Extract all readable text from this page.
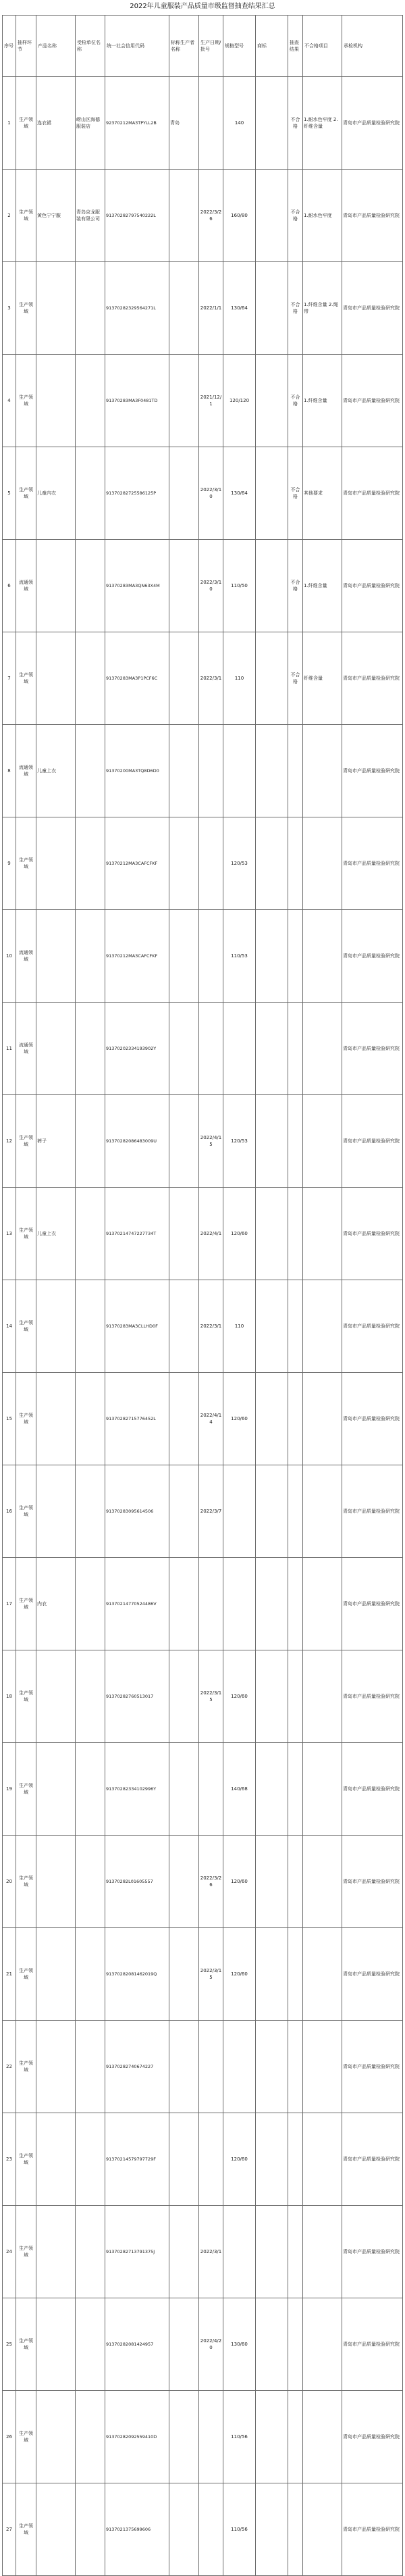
2022年儿童服装产品质量市级监督抽查结果汇总
序号	抽样环节	产品名称	受检单位名称	统一社会信用代码	标称生产者名称	生产日期/批号	规格型号	商标	抽查结果	不合格项目	承检机构
1	生产领域	连衣裙	崂山区海德服装店	92370212MA3TPYLL2B	青岛		140		不合格	1.耐水色牢度 2.纤维含量	青岛市产品质量检验研究院
2	生产领域	黄色宁宁服	青岛京龙服装有限公司	91370282797540222L		2022/3/26	160/80		不合格	1.耐水色牢度	青岛市产品质量检验研究院
3	生产领域			91370282329564271L		2022/1/1	130/64		不合格	1.纤维含量 2.绳带	青岛市产品质量检验研究院
4	生产领域			91370283MA3F0481TD		2021/12/1	120/120		不合格	1.纤维含量	青岛市产品质量检验研究院
5	生产领域	儿童内衣		91370282725586125P		2022/3/10	130/64		不合格	其他要求	青岛市产品质量检验研究院
6	流通领域			91370283MA3QN63X4M		2022/3/10	110/50		不合格	1.纤维含量	青岛市产品质量检验研究院
7	生产领域			91370283MA3P1PCF6C		2022/3/1	110		不合格	纤维含量	青岛市产品质量检验研究院
8	流通领域	儿童上衣		91370200MA3TQ8D6D0							青岛市产品质量检验研究院
9	生产领域			91370212MA3CAFCFKF			120/53				青岛市产品质量检验研究院
10	流通领域			91370212MA3CAFCFKF			110/53				青岛市产品质量检验研究院
11	流通领域			91370202334193902Y							青岛市产品质量检验研究院
12	生产领域	裤子		91370282086483009U		2022/4/15	120/53				青岛市产品质量检验研究院
13	生产领域	儿童上衣		91370214747227734T		2022/4/1	120/60				青岛市产品质量检验研究院
14	生产领域			91370283MA3CLLHD0F		2022/3/1	110				青岛市产品质量检验研究院
15	生产领域			91370282715776452L		2022/4/14	120/60				青岛市产品质量检验研究院
16	生产领域			91370283095614506		2022/3/7					青岛市产品质量检验研究院
17	生产领域	内衣		91370214770524486V							青岛市产品质量检验研究院
18	生产领域			91370282760513017		2022/3/15	120/60				青岛市产品质量检验研究院
19	生产领域			91370282334102996Y			140/68				青岛市产品质量检验研究院
20	生产领域			91370282L01605557		2022/3/26	120/60				青岛市产品质量检验研究院
21	生产领域			91370282081462019Q		2022/3/15	120/60				青岛市产品质量检验研究院
22	生产领域			91370282740674227							青岛市产品质量检验研究院
23	生产领域			91370214579797729F			120/60				青岛市产品质量检验研究院
24	生产领域			91370282713791375J		2022/3/1					青岛市产品质量检验研究院
25	生产领域			91370282081424957		2022/4/20	130/60				青岛市产品质量检验研究院
26	生产领域			91370282092559410D			110/56				青岛市产品质量检验研究院
27	生产领域			9137021375699606			110/56				青岛市产品质量检验研究院
